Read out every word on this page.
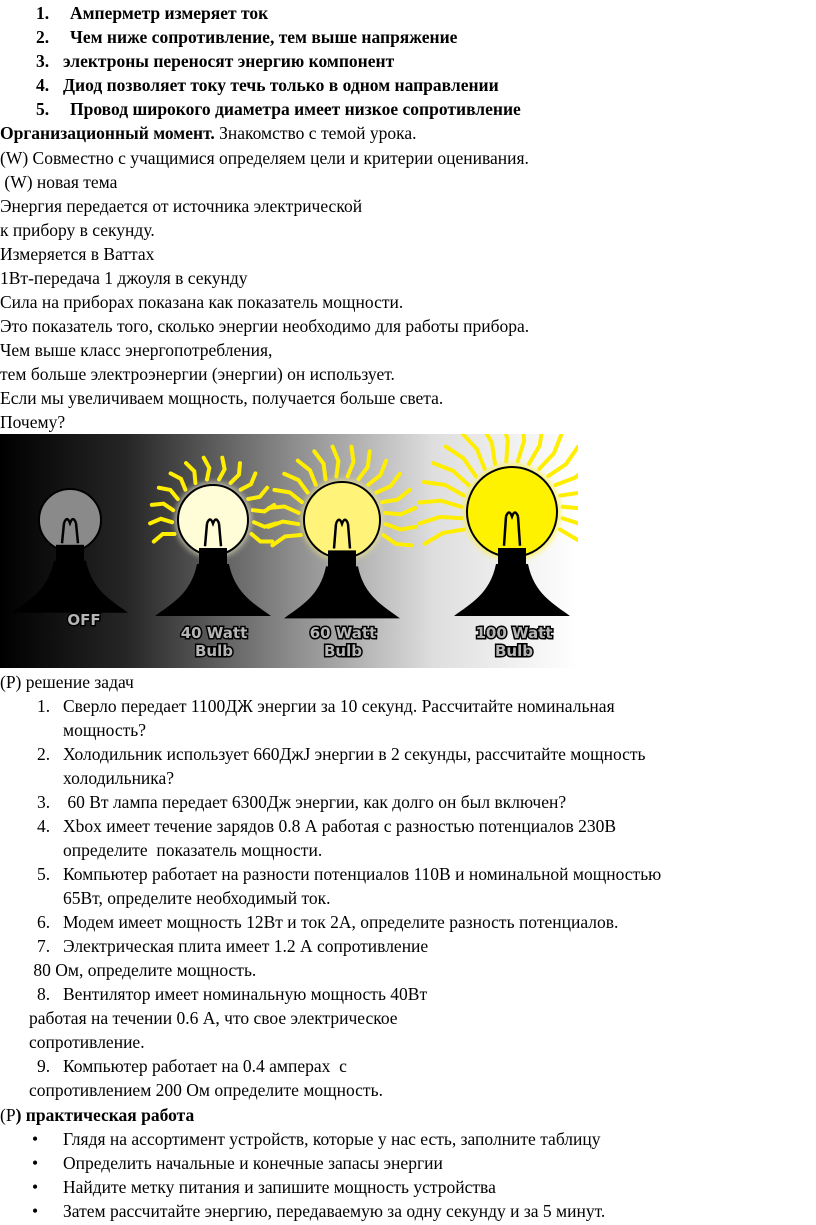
1. Амперметр измеряет ток
2. Чем ниже сопротивление, тем выше напряжение
3. электроны переносят энергию компонент
4. Диод позволяет току течь только в одном направлении
5. Провод широкого диаметра имеет низкое сопротивление
Организационный момент. Знакомство с темой урока.
(W) Совместно с учащимися определяем цели и критерии оценивания.
(W) новая тема
Энергия передается от источника электрической
к прибору в секунду.
Измеряется в Ваттах
1Вт-передача 1 джоуля в секунду
Сила на приборах показана как показатель мощности.
Это показатель того, сколько энергии необходимо для работы прибора.
Чем выше класс энергопотребления,
тем больше электроэнергии (энергии) он использует.
Если мы увеличиваем мощность, получается больше света.
Почему?
OFF
40 Watt
Bulb
60 Watt
Bulb
100 Watt
Bulb
(Р) решение задач
1. Сверло передает 1100ДЖ энергии за 10 секунд. Рассчитайте номинальная
мощность?
2. Холодильник использует 660ДжJ энергии в 2 секунды, рассчитайте мощность
холодильника?
3. 60 Вт лампа передает 6300Дж энергии, как долго он был включен?
4. Xbox имеет течение зарядов 0.8 А работая с разностью потенциалов 230В
определите  показатель мощности.
5. Компьютер работает на разности потенциалов 110В и номинальной мощностью
65Вт, определите необходимый ток.
6. Модем имеет мощность 12Вт и ток 2А, определите разность потенциалов.
7. Электрическая плита имеет 1.2 А сопротивление
80 Ом, определите мощность.
8. Вентилятор имеет номинальную мощность 40Вт
работая на течении 0.6 А, что свое электрическое
сопротивление.
9. Компьютер работает на 0.4 амперах  с
сопротивлением 200 Ом определите мощность.
(Р) практическая работа
• Глядя на ассортимент устройств, которые у нас есть, заполните таблицу
• Определить начальные и конечные запасы энергии
• Найдите метку питания и запишите мощность устройства
• Затем рассчитайте энергию, передаваемую за одну секунду и за 5 минут.
